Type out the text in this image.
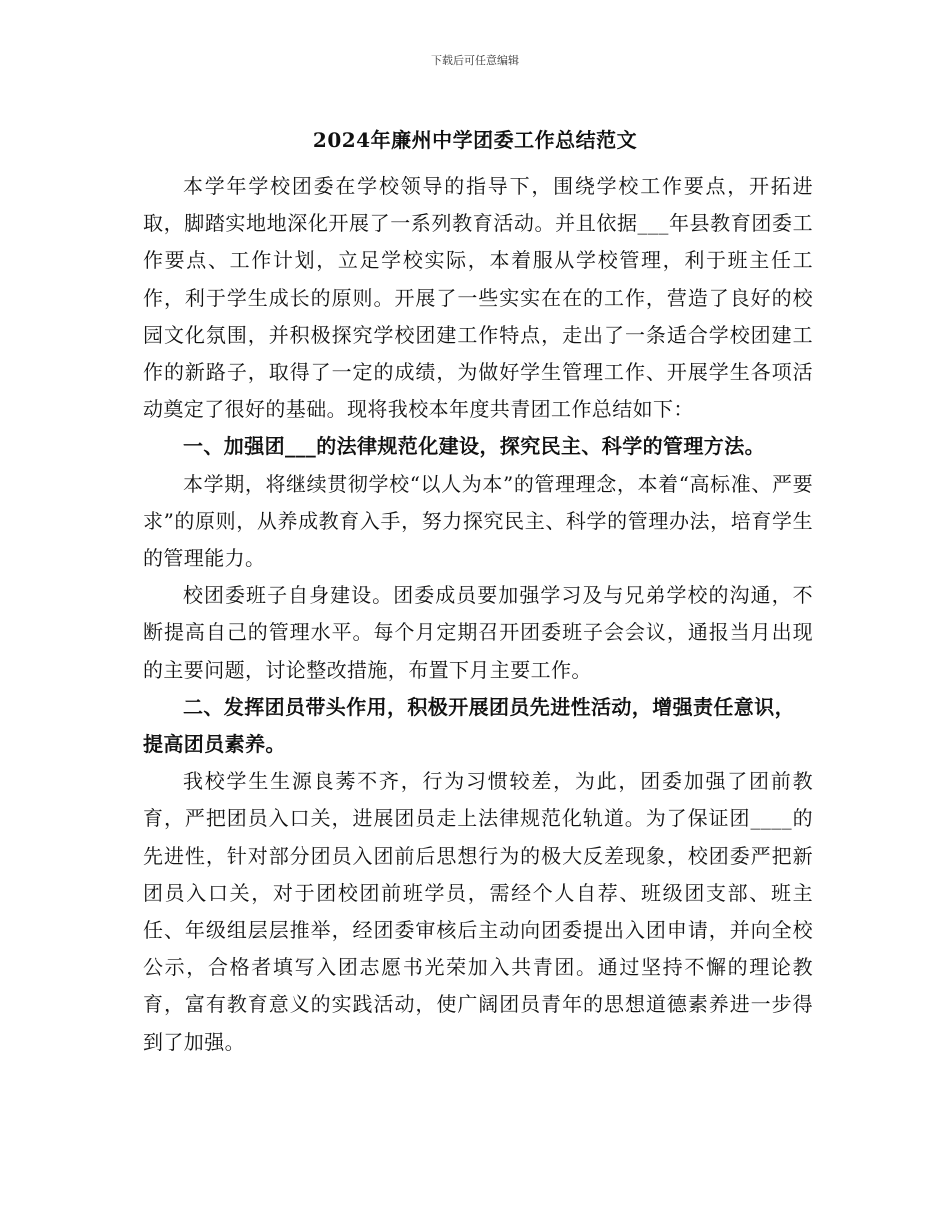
下载后可任意编辑
2024年廉州中学团委工作总结范文

本学年学校团委在学校领导的指导下，围绕学校工作要点，开拓进取，脚踏实地地深化开展了一系列教育活动。并且依据___年县教育团委工作要点、工作计划，立足学校实际，本着服从学校管理，利于班主任工作，利于学生成长的原则。开展了一些实实在在的工作，营造了良好的校园文化氛围，并积极探究学校团建工作特点，走出了一条适合学校团建工作的新路子，取得了一定的成绩，为做好学生管理工作、开展学生各项活动奠定了很好的基础。现将我校本年度共青团工作总结如下：

一、加强团___的法律规范化建设，探究民主、科学的管理方法。

本学期，将继续贯彻学校“以人为本”的管理理念，本着“高标准、严要求”的原则，从养成教育入手，努力探究民主、科学的管理办法，培育学生的管理能力。

校团委班子自身建设。团委成员要加强学习及与兄弟学校的沟通，不断提高自己的管理水平。每个月定期召开团委班子会会议，通报当月出现的主要问题，讨论整改措施，布置下月主要工作。

二、发挥团员带头作用，积极开展团员先进性活动，增强责任意识，提高团员素养。

我校学生生源良莠不齐，行为习惯较差，为此，团委加强了团前教育，严把团员入口关，进展团员走上法律规范化轨道。为了保证团____的先进性，针对部分团员入团前后思想行为的极大反差现象，校团委严把新团员入口关，对于团校团前班学员，需经个人自荐、班级团支部、班主任、年级组层层推举，经团委审核后主动向团委提出入团申请，并向全校公示，合格者填写入团志愿书光荣加入共青团。通过坚持不懈的理论教育，富有教育意义的实践活动，使广阔团员青年的思想道德素养进一步得到了加强。
